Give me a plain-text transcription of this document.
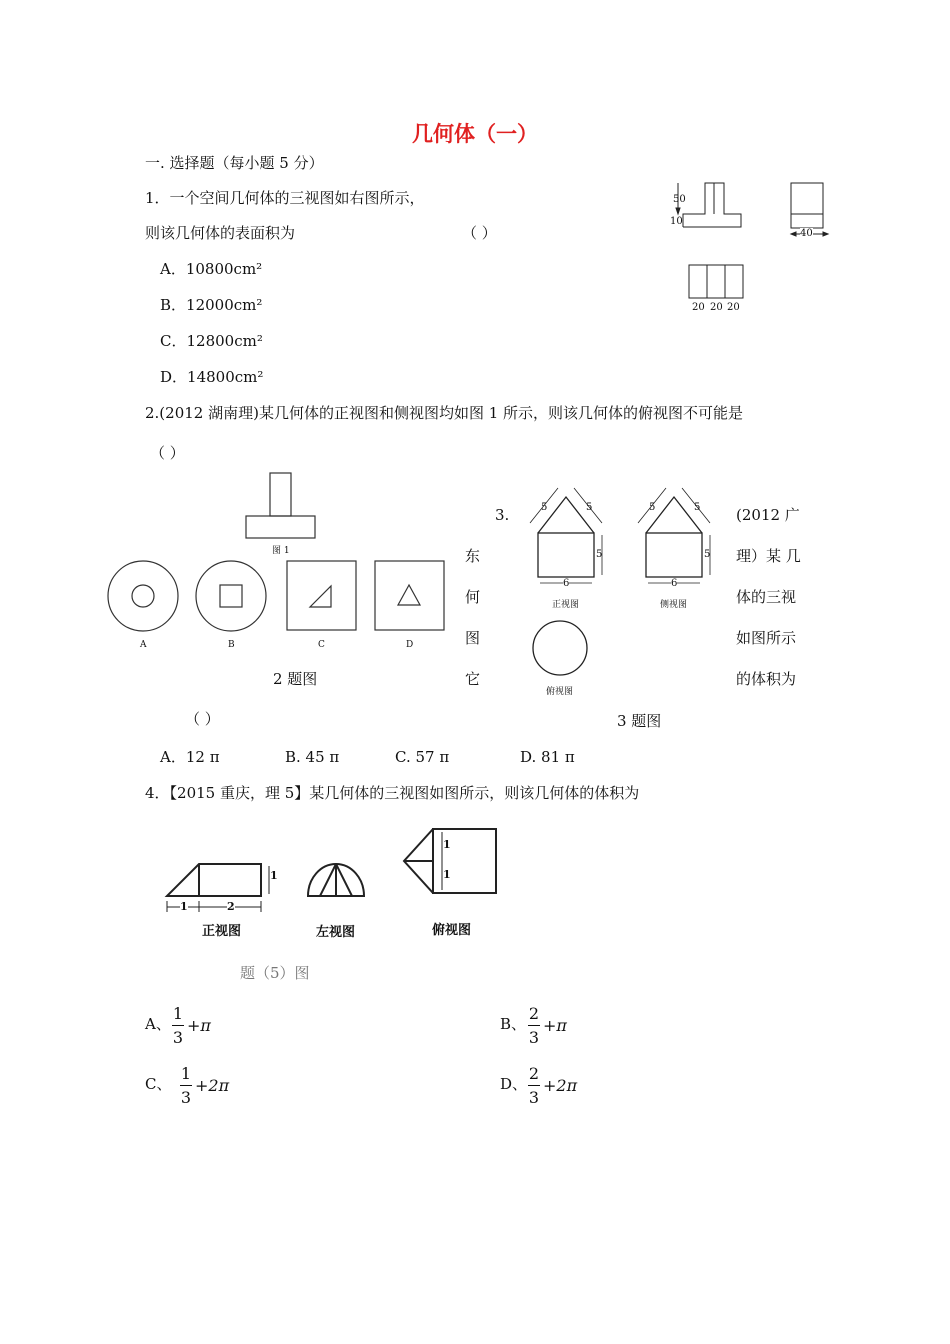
几何体（一）
一. 选择题（每小题 5 分）
1．一个空间几何体的三视图如右图所示，
则该几何体的表面积为	（ ）
A．10800cm²
B．12000cm²
C．12800cm²
D．14800cm²
50
10
40
20 20 20
2.(2012 湖南理)某几何体的正视图和侧视图均如图 1 所示，则该几何体的俯视图不可能是
（ ）
图 1
A	B	C	D
2 题图
3.
东
何
图
它
(2012 广
理）某 几
体的三视
如图所示
的体积为
5	5
5
6
5	5
5
6
正视图	侧视图
俯视图
（ ）	3 题图
A．12 π	B. 45 π	C. 57 π	D. 81 π
4．【2015 重庆，理 5】某几何体的三视图如图所示，则该几何体的体积为
1
1	2
1
1
正视图	左视图	俯视图
题（5）图
A、
1
3
+π	B、
2
3
+π
C、
1
3
+2π	D、
2
3
+2π
